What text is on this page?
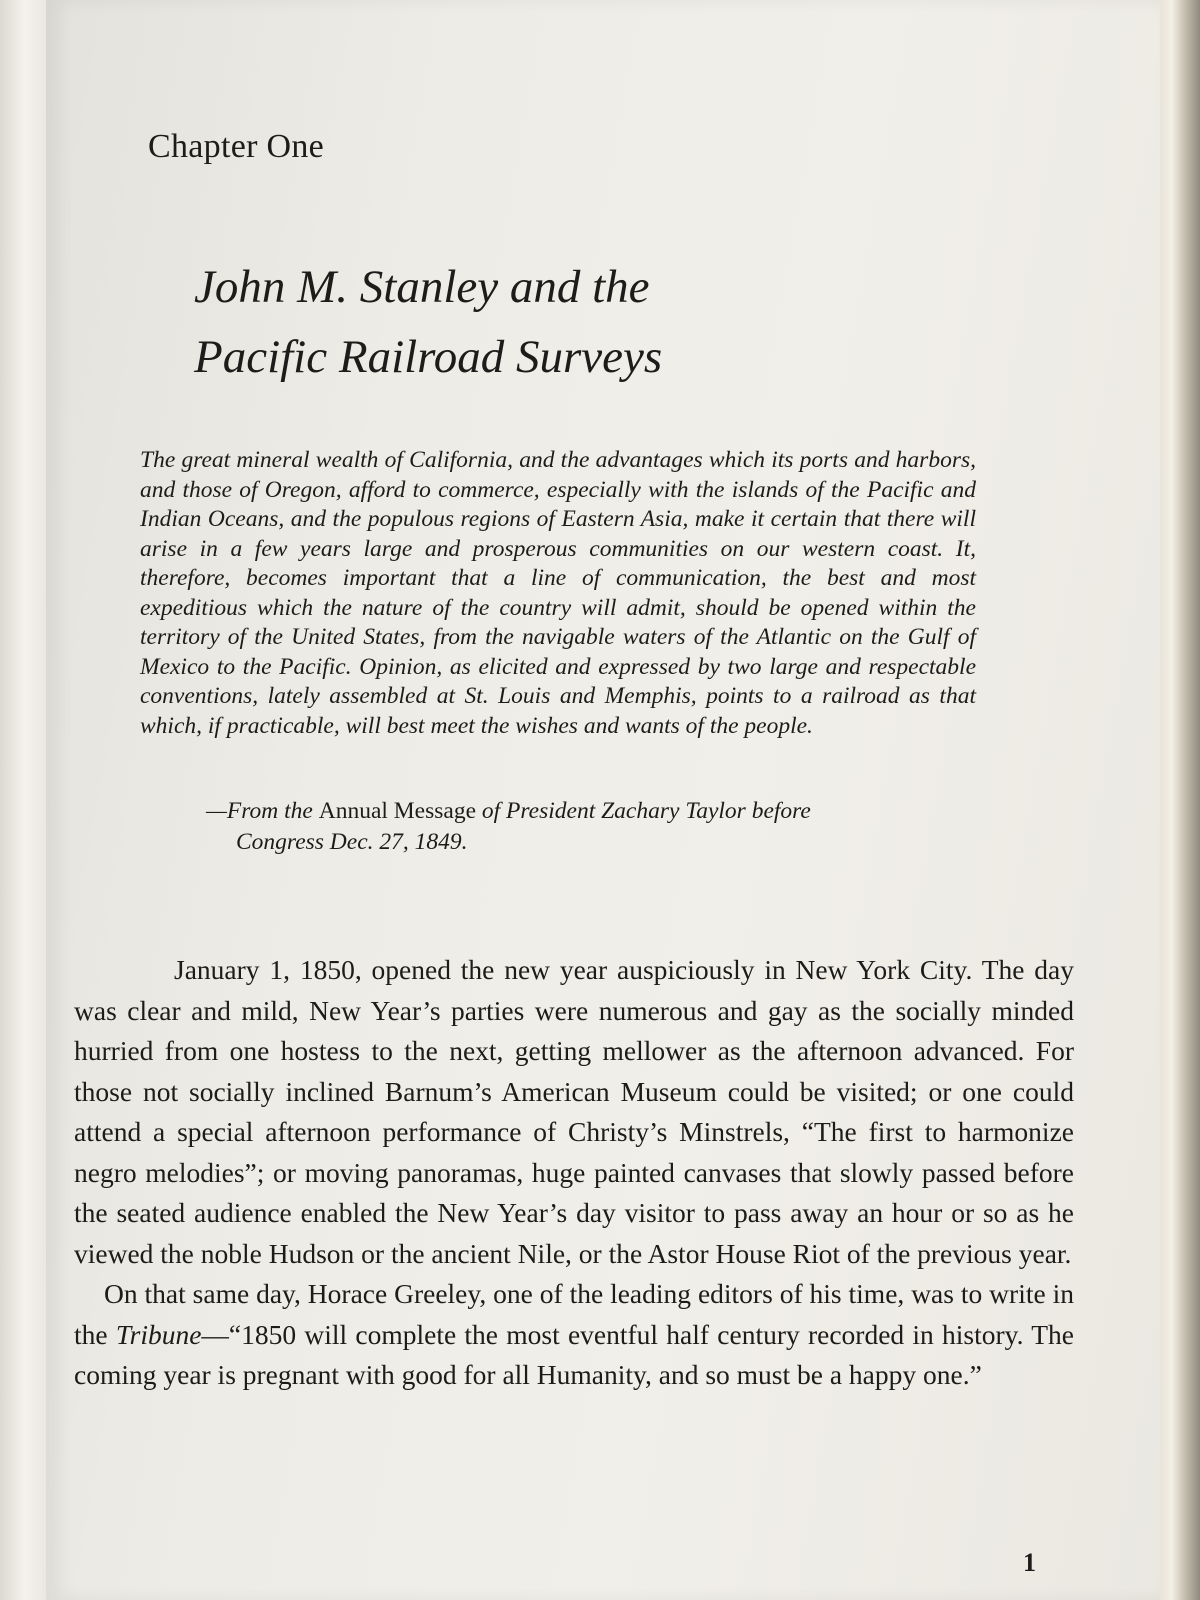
Chapter One
John M. Stanley and the
Pacific Railroad Surveys

The great mineral wealth of California, and the advantages which its ports and harbors, and those of Oregon, afford to commerce, especially with the islands of the Pacific and Indian Oceans, and the populous regions of Eastern Asia, make it certain that there will arise in a few years large and prosperous communities on our western coast. It, therefore, becomes important that a line of communication, the best and most expeditious which the nature of the country will admit, should be opened within the territory of the United States, from the navigable waters of the Atlantic on the Gulf of Mexico to the Pacific. Opinion, as elicited and expressed by two large and respectable conventions, lately assembled at St. Louis and Memphis, points to a railroad as that which, if practicable, will best meet the wishes and wants of the people.

—From the Annual Message of President Zachary Taylor before
Congress Dec. 27, 1849.

January 1, 1850, opened the new year auspiciously in New York City. The day was clear and mild, New Year’s parties were numerous and gay as the socially minded hurried from one hostess to the next, getting mellower as the afternoon advanced. For those not socially inclined Barnum’s American Museum could be visited; or one could attend a special afternoon performance of Christy’s Minstrels, “The first to harmonize negro melodies”; or moving panoramas, huge painted canvases that slowly passed before the seated audience enabled the New Year’s day visitor to pass away an hour or so as he viewed the noble Hudson or the ancient Nile, or the Astor House Riot of the previous year.

On that same day, Horace Greeley, one of the leading editors of his time, was to write in the Tribune—“1850 will complete the most eventful half century recorded in history. The coming year is pregnant with good for all Humanity, and so must be a happy one.”

1
